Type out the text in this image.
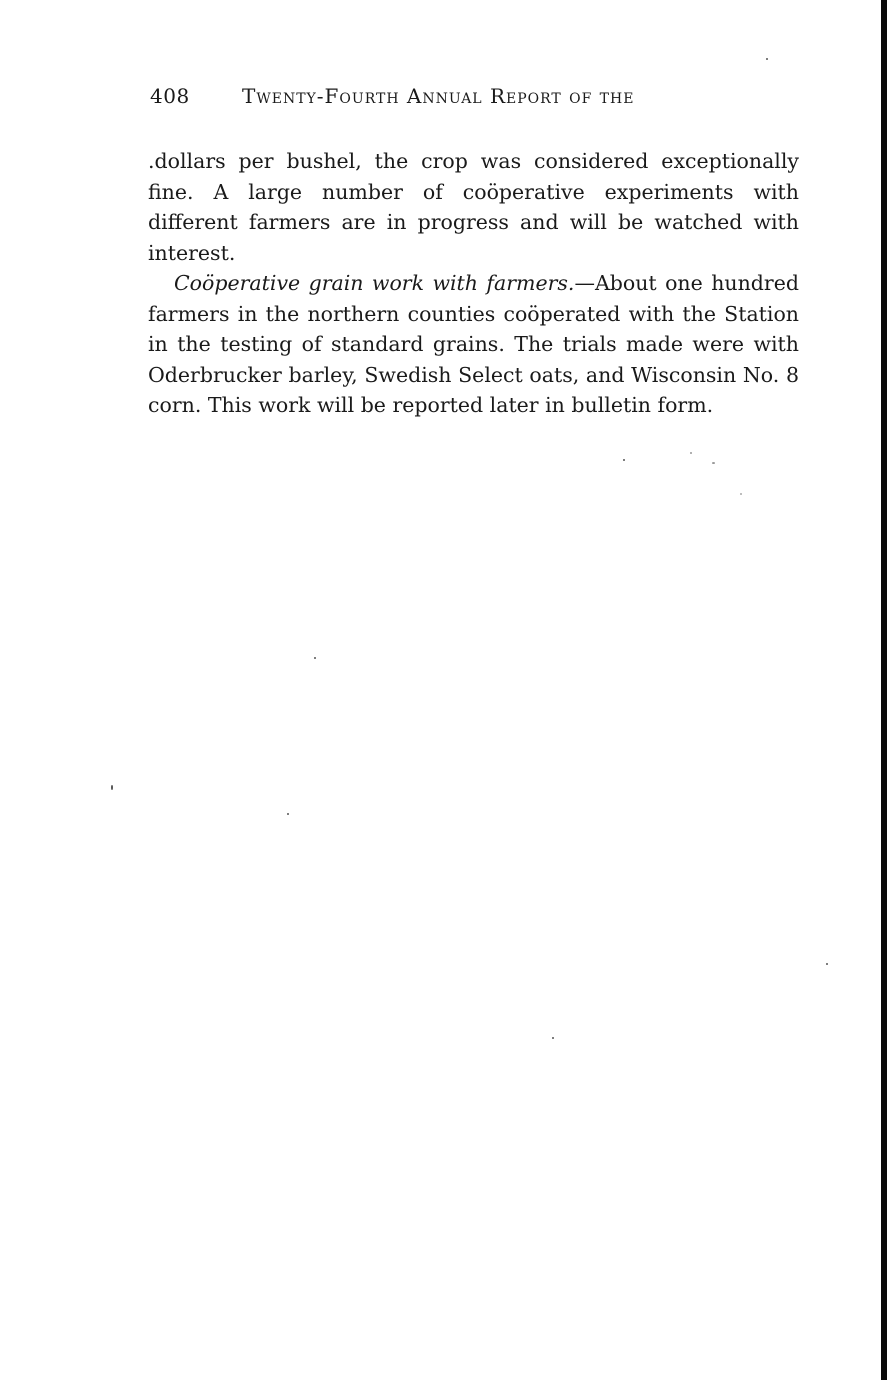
408	Twenty-Fourth Annual Report of the

.dollars per bushel, the crop was considered exceptionally fine. A large number of coöperative experiments with different farmers are in progress and will be watched with interest.

Coöperative grain work with farmers.—About one hundred farmers in the northern counties coöperated with the Station in the testing of standard grains. The trials made were with Oderbrucker barley, Swedish Select oats, and Wisconsin No. 8 corn. This work will be reported later in bulletin form.
